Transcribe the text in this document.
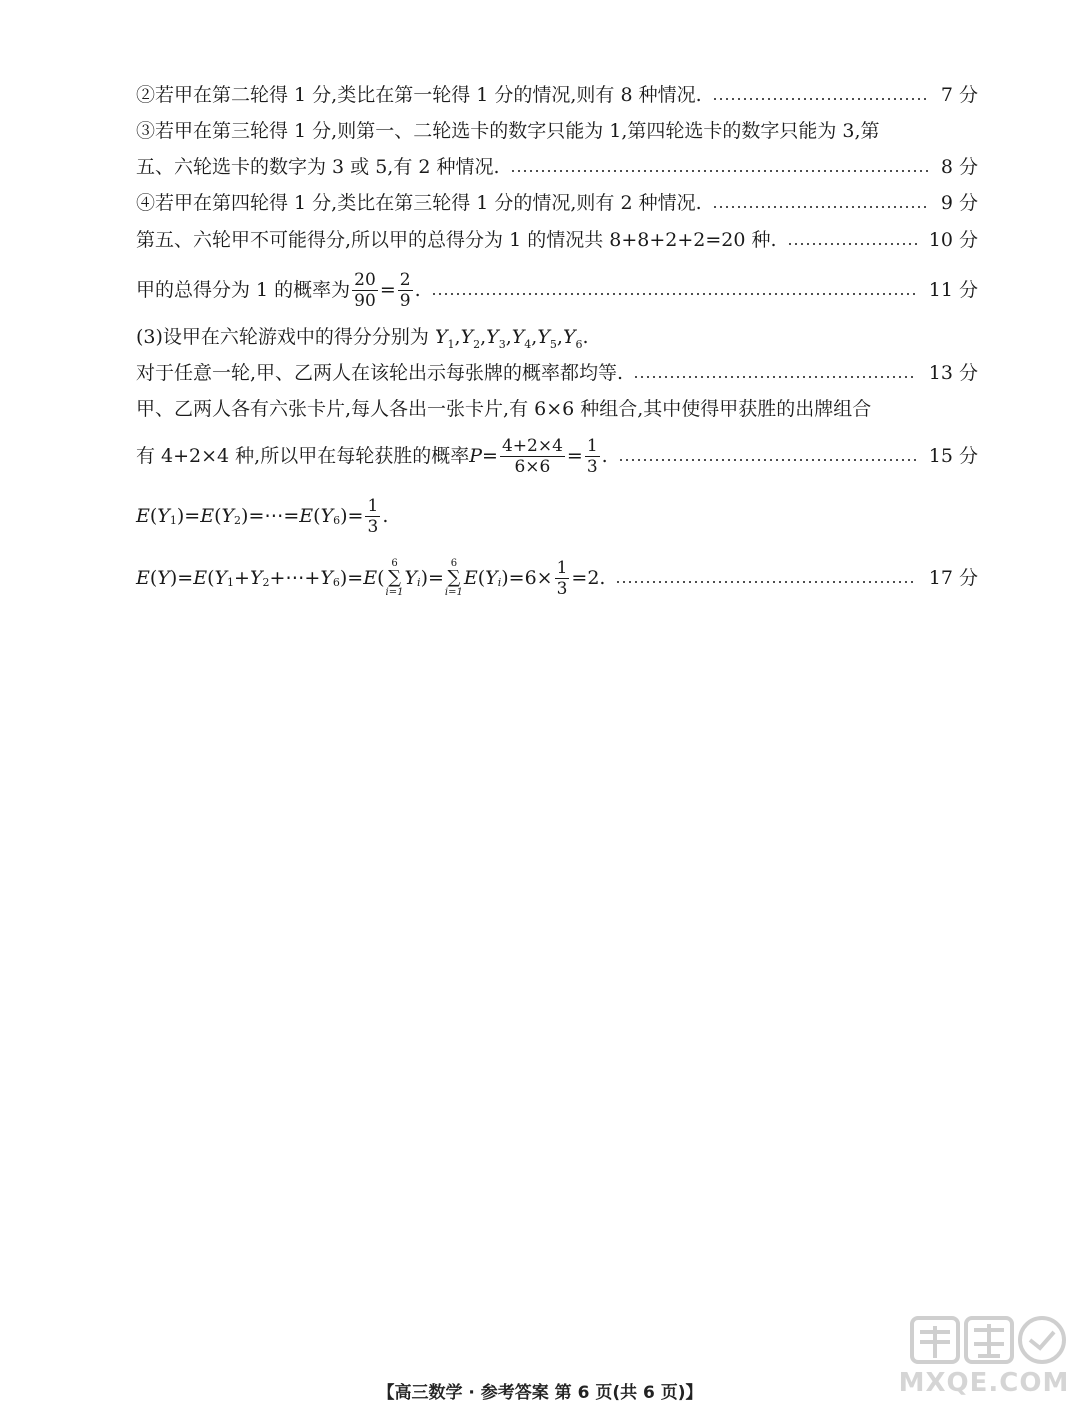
②若甲在第二轮得 1 分,类比在第一轮得 1 分的情况,则有 8 种情况.	7 分
③若甲在第三轮得 1 分,则第一、二轮选卡的数字只能为 1,第四轮选卡的数字只能为 3,第
五、六轮选卡的数字为 3 或 5,有 2 种情况.	8 分
④若甲在第四轮得 1 分,类比在第三轮得 1 分的情况,则有 2 种情况.	9 分
第五、六轮甲不可能得分,所以甲的总得分为 1 的情况共 8+8+2+2=20 种.	10 分
甲的总得分为 1 的概率为 $\frac{20}{90} = \frac{2}{9}$ .	11 分
(3)设甲在六轮游戏中的得分分别为 $Y_1,Y_2,Y_3,Y_4,Y_5,Y_6$.
对于任意一轮,甲、乙两人在该轮出示每张牌的概率都均等.	13 分
甲、乙两人各有六张卡片,每人各出一张卡片,有 6×6 种组合,其中使得甲获胜的出牌组合
有 4+2×4 种,所以甲在每轮获胜的概率 $P = \frac{4+2\times 4}{6\times 6} = \frac{1}{3}$ .	15 分
E ( Y 1 )= E ( Y 2 )=⋯= E ( Y 6 )= $\frac{1}{3}$ .
E ( Y )= E ( Y 1 + Y 2 +⋯+ Y 6 )= E (
6
∑
i=1
Y i )=
6
∑
i=1
E ( Y i ) $=6\times \frac{1}{3} =2$.	17 分
MXQE.COM
【高三数学 · 参考答案 第 6 页(共 6 页)】
